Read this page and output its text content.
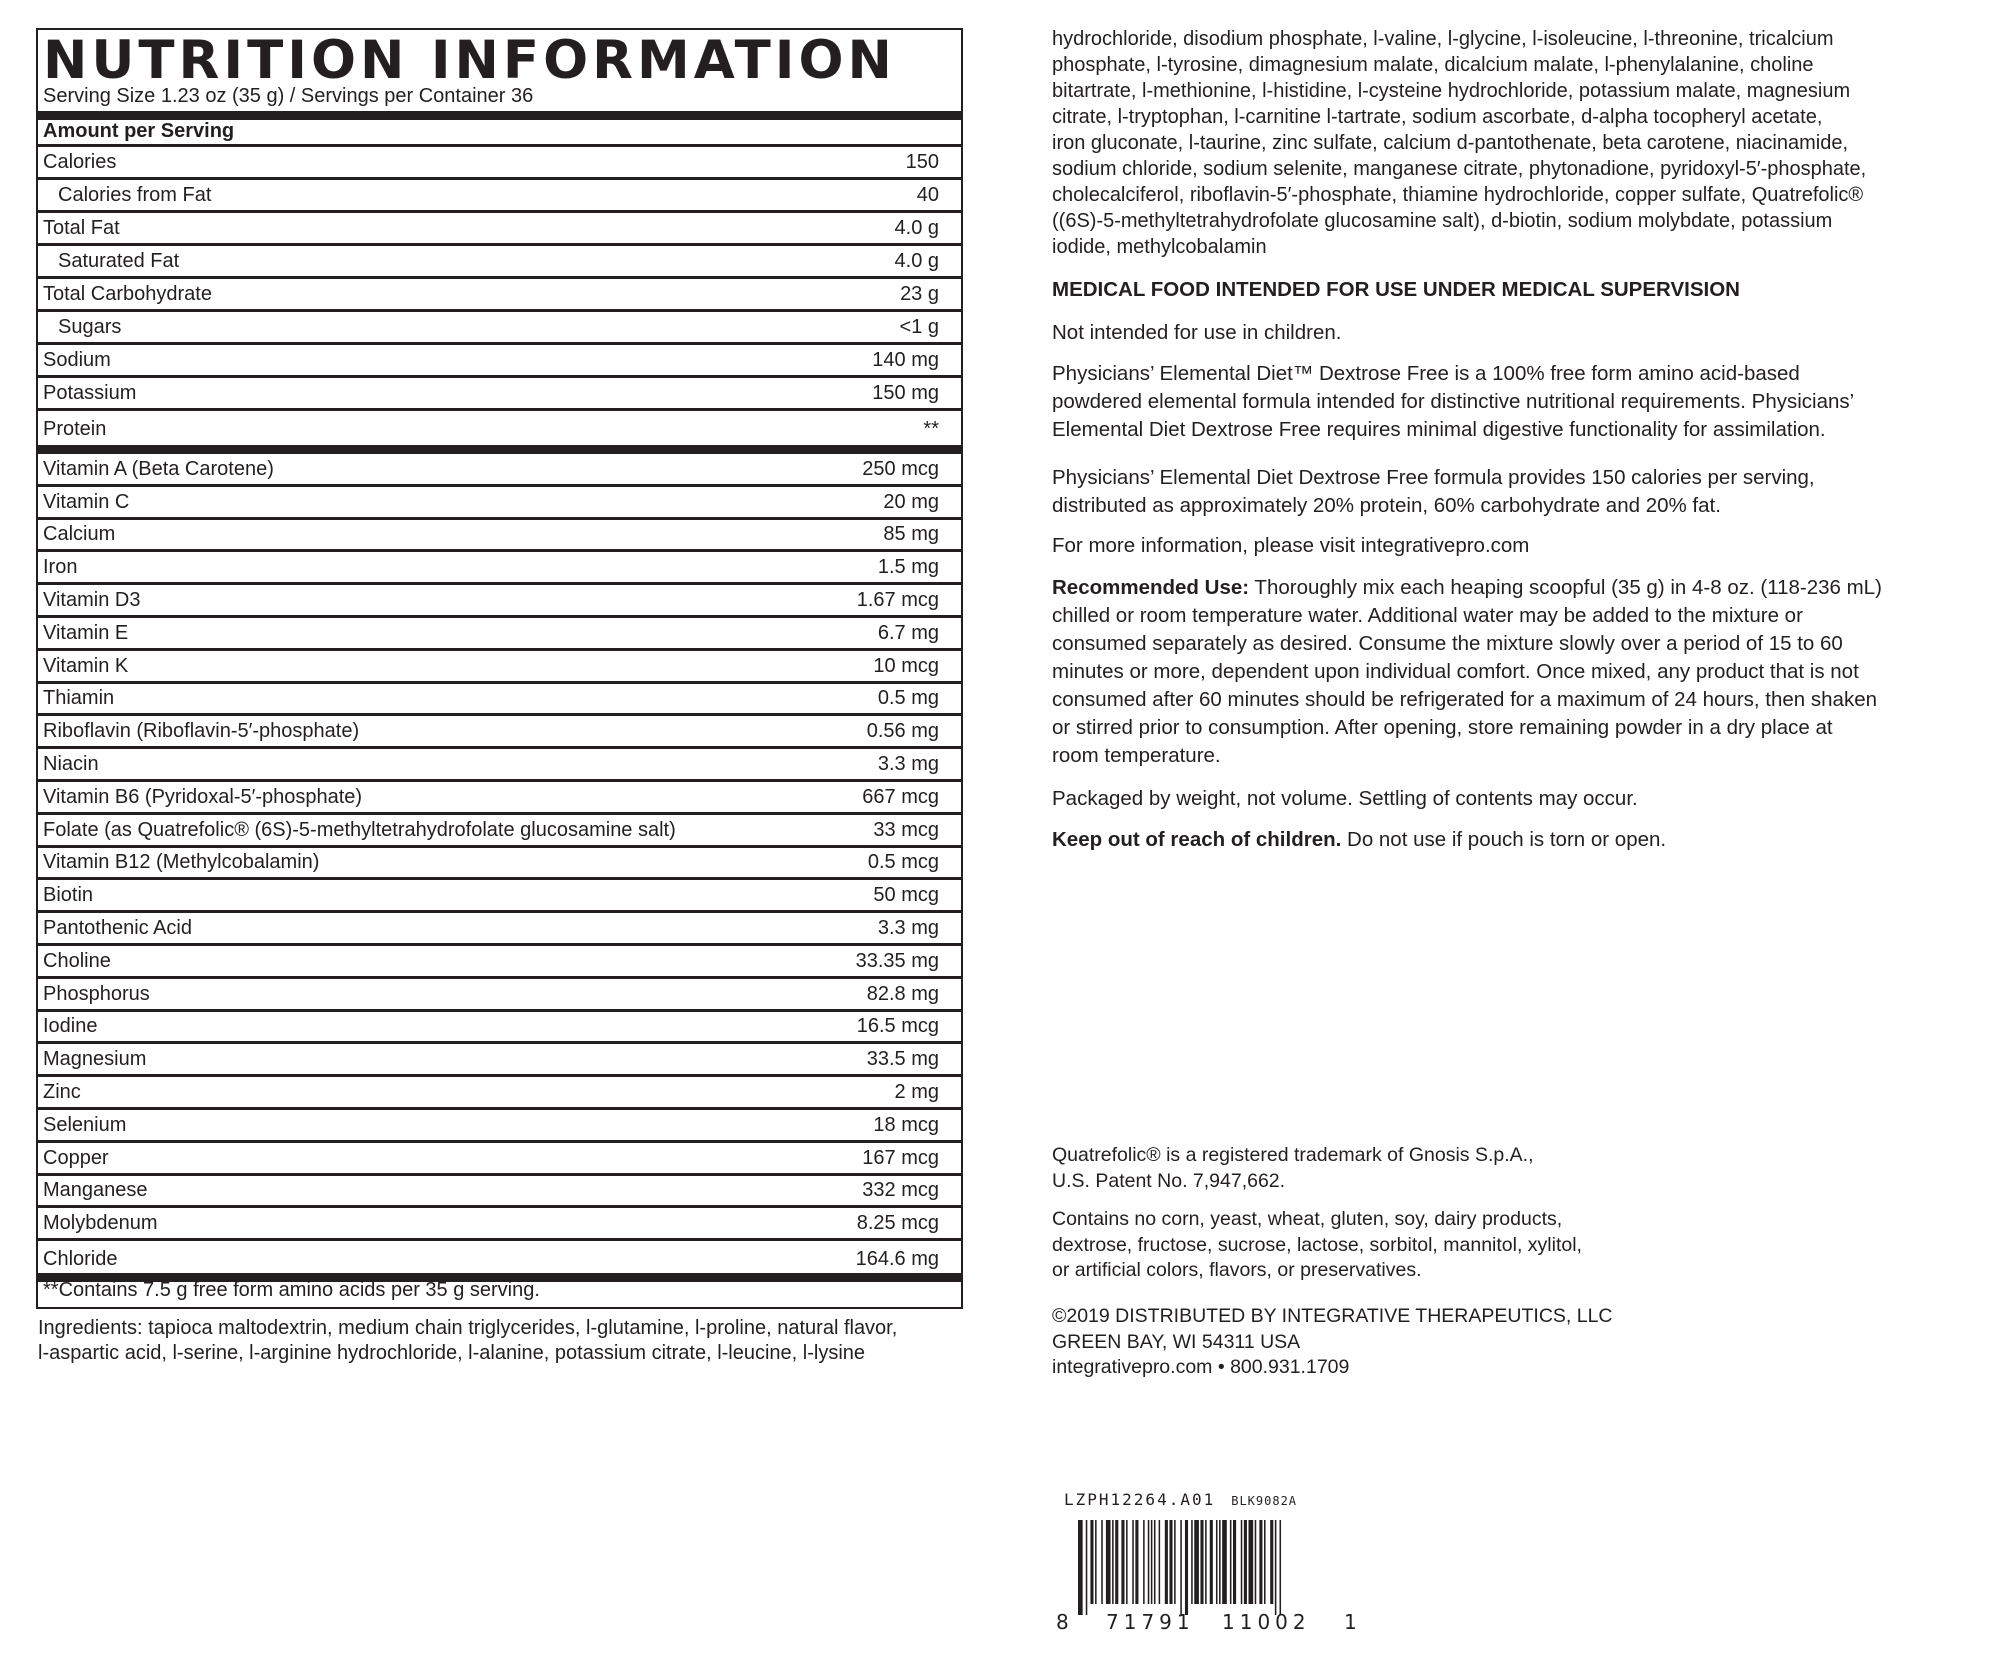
NUTRITION INFORMATION
Serving Size 1.23 oz (35 g) / Servings per Container 36
Amount per Serving
Calories	150
Calories from Fat	40
Total Fat	4.0 g
Saturated Fat	4.0 g
Total Carbohydrate	23 g
Sugars	<1 g
Sodium	140 mg
Potassium	150 mg
Protein	**
Vitamin A (Beta Carotene)	250 mcg
Vitamin C	20 mg
Calcium	85 mg
Iron	1.5 mg
Vitamin D3	1.67 mcg
Vitamin E	6.7 mg
Vitamin K	10 mcg
Thiamin	0.5 mg
Riboflavin (Riboflavin-5′-phosphate)	0.56 mg
Niacin	3.3 mg
Vitamin B6 (Pyridoxal-5′-phosphate)	667 mcg
Folate (as Quatrefolic® (6S)-5-methyltetrahydrofolate glucosamine salt)	33 mcg
Vitamin B12 (Methylcobalamin)	0.5 mcg
Biotin	50 mcg
Pantothenic Acid	3.3 mg
Choline	33.35 mg
Phosphorus	82.8 mg
Iodine	16.5 mcg
Magnesium	33.5 mg
Zinc	2 mg
Selenium	18 mcg
Copper	167 mcg
Manganese	332 mcg
Molybdenum	8.25 mcg
Chloride	164.6 mg
**Contains 7.5 g free form amino acids per 35 g serving.
Ingredients: tapioca maltodextrin, medium chain triglycerides, l-glutamine, l-proline, natural flavor,
l-aspartic acid, l-serine, l-arginine hydrochloride, l-alanine, potassium citrate, l-leucine, l-lysine
hydrochloride, disodium phosphate, l-valine, l-glycine, l-isoleucine, l-threonine, tricalcium
phosphate, l-tyrosine, dimagnesium malate, dicalcium malate, l-phenylalanine, choline
bitartrate, l-methionine, l-histidine, l-cysteine hydrochloride, potassium malate, magnesium
citrate, l-tryptophan, l-carnitine l-tartrate, sodium ascorbate, d-alpha tocopheryl acetate,
iron gluconate, l-taurine, zinc sulfate, calcium d-pantothenate, beta carotene, niacinamide,
sodium chloride, sodium selenite, manganese citrate, phytonadione, pyridoxyl-5′-phosphate,
cholecalciferol, riboflavin-5′-phosphate, thiamine hydrochloride, copper sulfate, Quatrefolic®
((6S)-5-methyltetrahydrofolate glucosamine salt), d-biotin, sodium molybdate, potassium
iodide, methylcobalamin
MEDICAL FOOD INTENDED FOR USE UNDER MEDICAL SUPERVISION
Not intended for use in children.
Physicians’ Elemental Diet™ Dextrose Free is a 100% free form amino acid-based
powdered elemental formula intended for distinctive nutritional requirements. Physicians’
Elemental Diet Dextrose Free requires minimal digestive functionality for assimilation.
Physicians’ Elemental Diet Dextrose Free formula provides 150 calories per serving,
distributed as approximately 20% protein, 60% carbohydrate and 20% fat.
For more information, please visit integrativepro.com
Recommended Use: Thoroughly mix each heaping scoopful (35 g) in 4-8 oz. (118-236 mL)
chilled or room temperature water. Additional water may be added to the mixture or
consumed separately as desired. Consume the mixture slowly over a period of 15 to 60
minutes or more, dependent upon individual comfort. Once mixed, any product that is not
consumed after 60 minutes should be refrigerated for a maximum of 24 hours, then shaken
or stirred prior to consumption. After opening, store remaining powder in a dry place at
room temperature.
Packaged by weight, not volume. Settling of contents may occur.
Keep out of reach of children. Do not use if pouch is torn or open.
Quatrefolic® is a registered trademark of Gnosis S.p.A.,
U.S. Patent No. 7,947,662.
Contains no corn, yeast, wheat, gluten, soy, dairy products,
dextrose, fructose, sucrose, lactose, sorbitol, mannitol, xylitol,
or artificial colors, flavors, or preservatives.
©2019 DISTRIBUTED BY INTEGRATIVE THERAPEUTICS, LLC
GREEN BAY, WI 54311 USA
integrativepro.com • 800.931.1709
LZPH12264.A01 BLK9082A
8 71791 11002 1
